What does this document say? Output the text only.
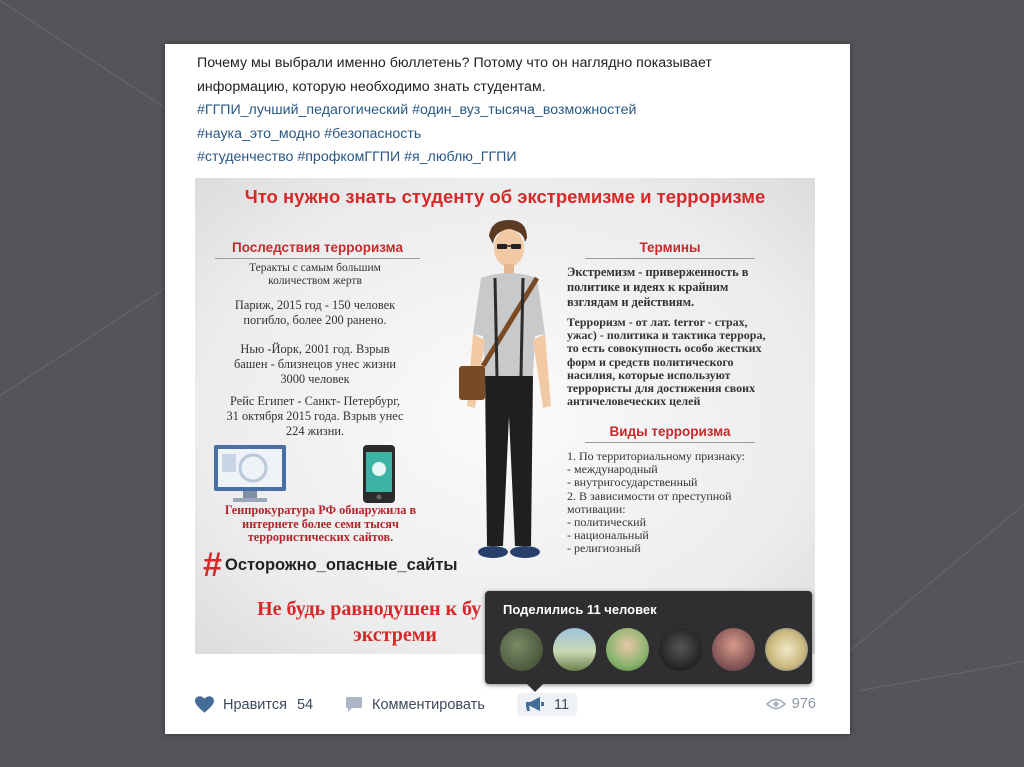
Почему мы выбрали именно бюллетень? Потому что он наглядно показывает
информацию, которую необходимо знать студентам.
#ГГПИ_лучший_педагогический #один_вуз_тысяча_возможностей
#наука_это_модно #безопасность
#студенчество #профкомГГПИ #я_люблю_ГГПИ
Что нужно знать студенту об экстремизме и терроризме
Последствия терроризма
Теракты с самым большим
количеством жертв
Париж, 2015 год - 150 человек
погибло, более 200 ранено.
Нью -Йорк, 2001 год. Взрыв
башен - близнецов унес жизни
3000 человек
Рейс Египет - Санкт- Петербург,
31 октября 2015 года. Взрыв унес
224 жизни.
Генпрокуратура РФ обнаружила в
интернете более семи тысяч
террористических сайтов.
# Осторожно_опасные_сайты
Термины
Экстремизм - приверженность в
политике и идеях к крайним
взглядам и действиям.
Терроризм - от лат. terror - страх,
ужас) - политика и тактика террора,
то есть совокупность особо жестких
форм и средств политического
насилия, которые используют
террористы для достижения своих
античеловеческих целей
Виды терроризма
1. По территориальному признаку:
- международный
- внутригосударственный
2. В зависимости от преступной
мотивации:
- политический
- национальный
- религиозный
Не будь равнодушен к бу
экстреми
Нравится 54	Комментировать	11	976
Поделились 11 человек
